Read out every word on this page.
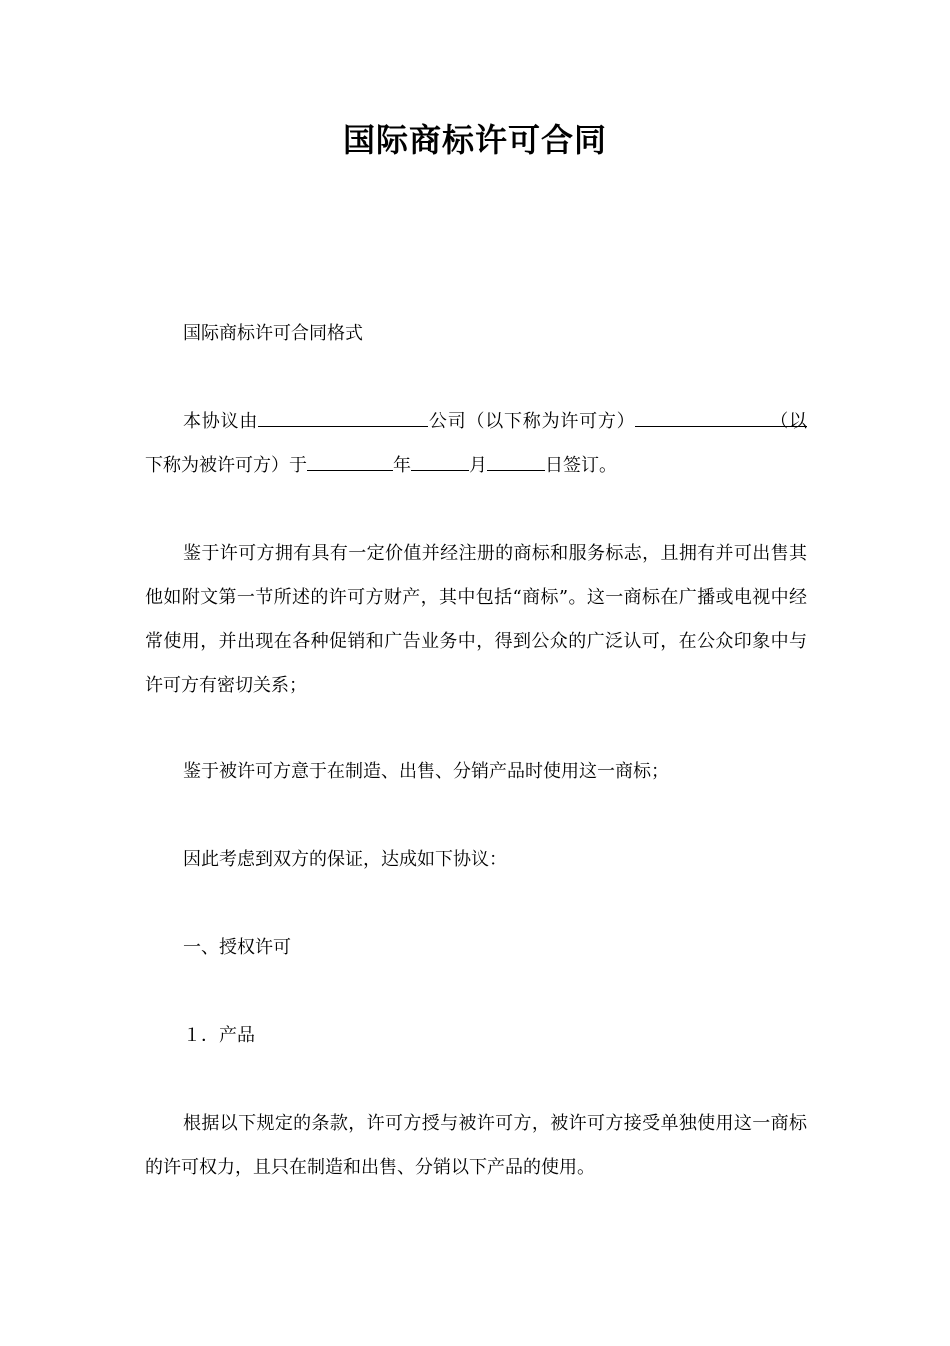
国际商标许可合同

国际商标许可合同格式

本协议由	公司（以下称为许可方）	（以下称为被许可方）于	年	月	日签订。

鉴于许可方拥有具有一定价值并经注册的商标和服务标志，且拥有并可出售其他如附文第一节所述的许可方财产，其中包括“商标”。这一商标在广播或电视中经常使用，并出现在各种促销和广告业务中，得到公众的广泛认可，在公众印象中与许可方有密切关系；

鉴于被许可方意于在制造、出售、分销产品时使用这一商标；

因此考虑到双方的保证，达成如下协议：

一、授权许可

１．产品

根据以下规定的条款，许可方授与被许可方，被许可方接受单独使用这一商标的许可权力，且只在制造和出售、分销以下产品的使用。
